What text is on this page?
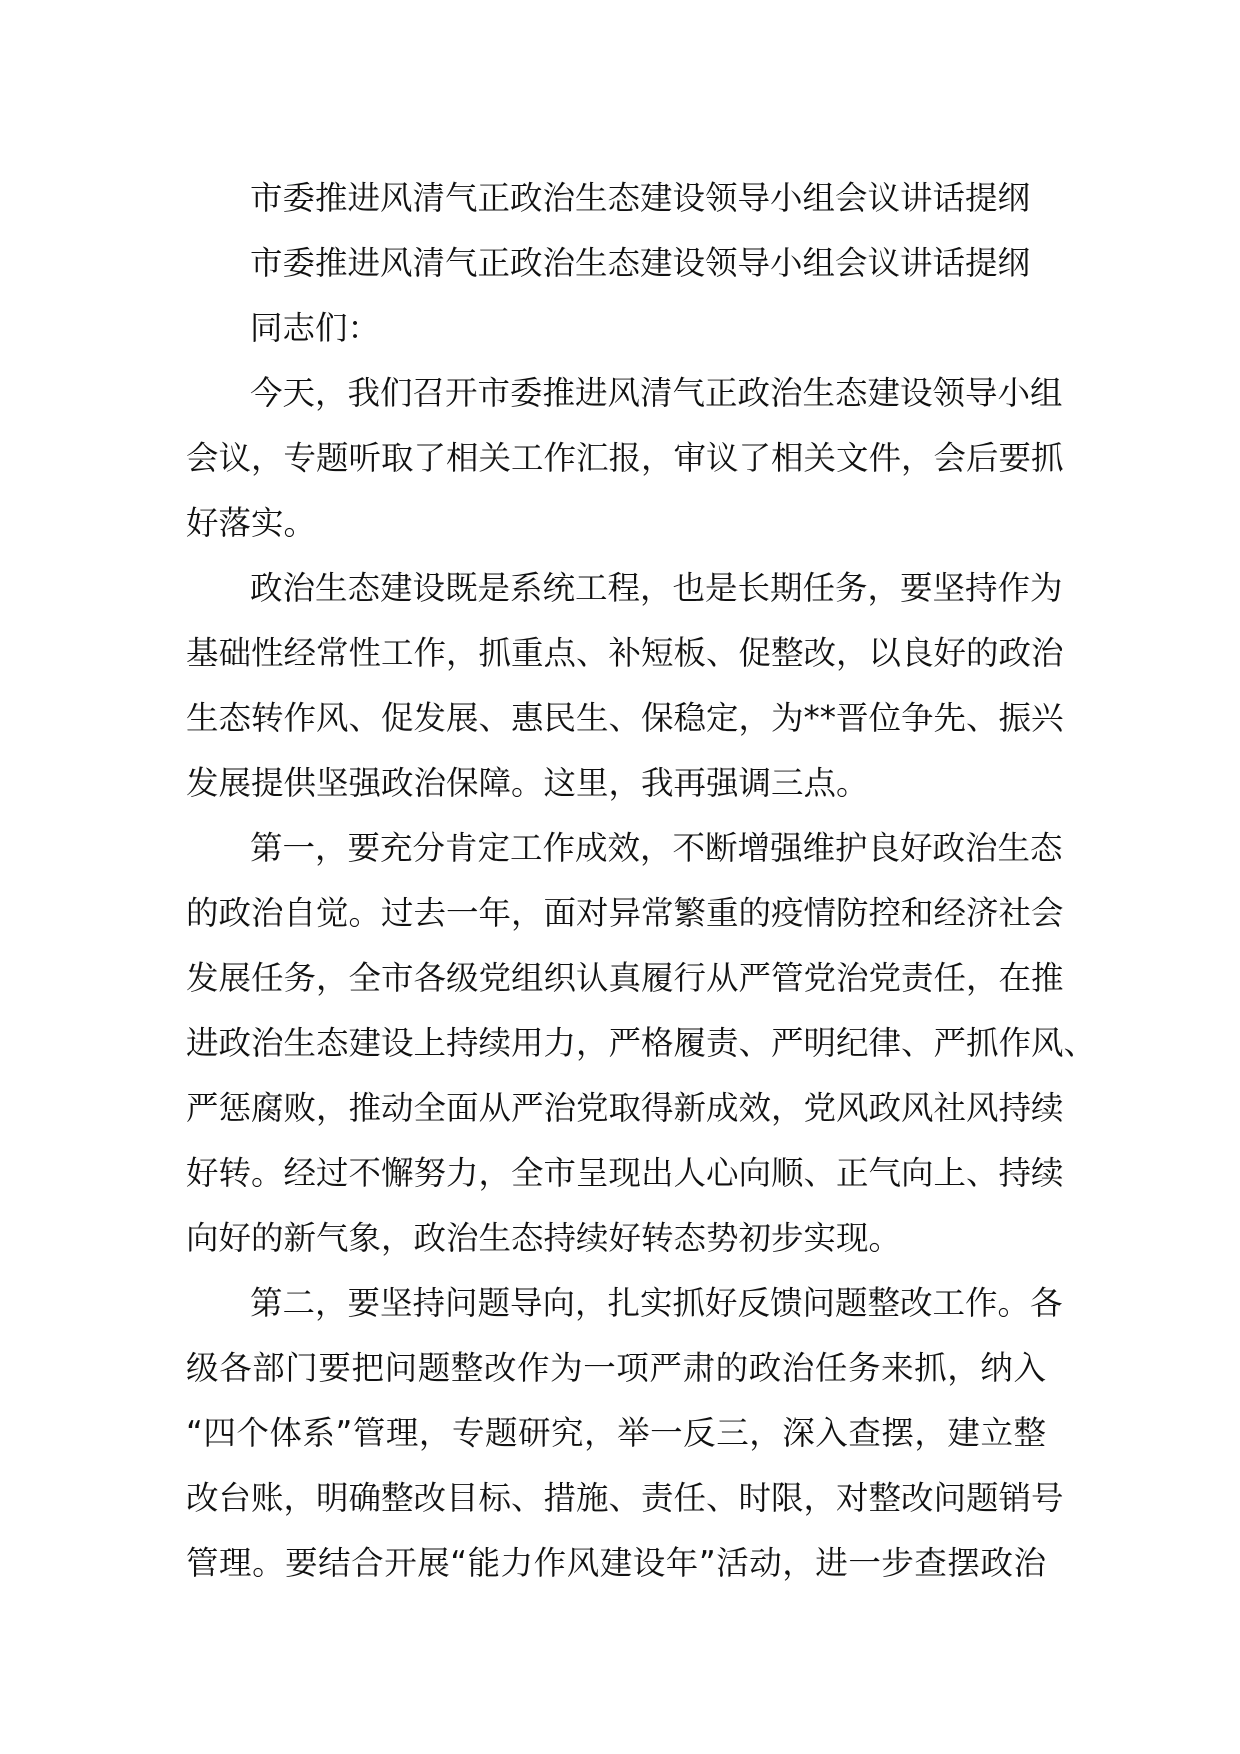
市委推进风清气正政治生态建设领导小组会议讲话提纲
市委推进风清气正政治生态建设领导小组会议讲话提纲
同志们：
今天，我们召开市委推进风清气正政治生态建设领导小组
会议，专题听取了相关工作汇报，审议了相关文件，会后要抓
好落实。
政治生态建设既是系统工程，也是长期任务，要坚持作为
基础性经常性工作，抓重点、补短板、促整改，以良好的政治
生态转作风、促发展、惠民生、保稳定，为**晋位争先、振兴
发展提供坚强政治保障。这里，我再强调三点。
第一，要充分肯定工作成效，不断增强维护良好政治生态
的政治自觉。过去一年，面对异常繁重的疫情防控和经济社会
发展任务，全市各级党组织认真履行从严管党治党责任，在推
进政治生态建设上持续用力，严格履责、严明纪律、严抓作风、
严惩腐败，推动全面从严治党取得新成效，党风政风社风持续
好转。经过不懈努力，全市呈现出人心向顺、正气向上、持续
向好的新气象，政治生态持续好转态势初步实现。
第二，要坚持问题导向，扎实抓好反馈问题整改工作。各
级各部门要把问题整改作为一项严肃的政治任务来抓，纳入
“四个体系”管理，专题研究，举一反三，深入查摆，建立整
改台账，明确整改目标、措施、责任、时限，对整改问题销号
管理。要结合开展“能力作风建设年”活动，进一步查摆政治
